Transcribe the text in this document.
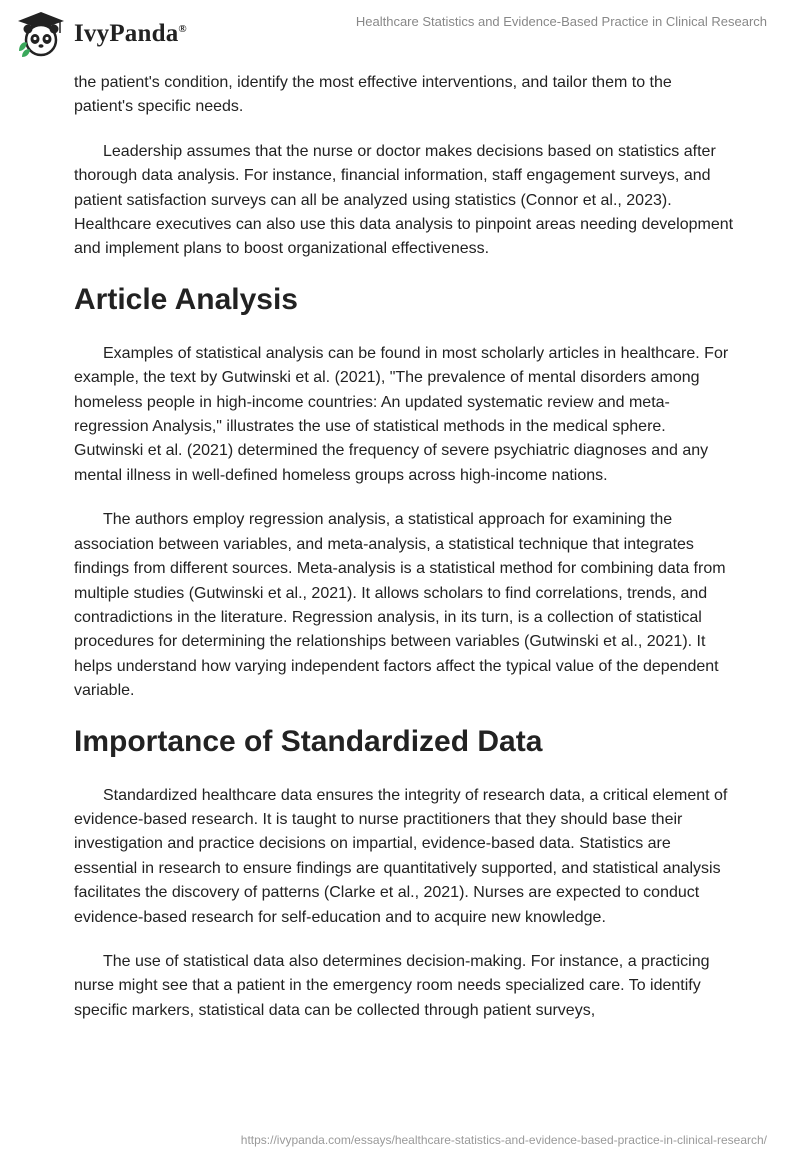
IvyPanda®	Healthcare Statistics and Evidence-Based Practice in Clinical Research

the patient's condition, identify the most effective interventions, and tailor them to the patient's specific needs.

Leadership assumes that the nurse or doctor makes decisions based on statistics after thorough data analysis. For instance, financial information, staff engagement surveys, and patient satisfaction surveys can all be analyzed using statistics (Connor et al., 2023). Healthcare executives can also use this data analysis to pinpoint areas needing development and implement plans to boost organizational effectiveness.

Article Analysis

Examples of statistical analysis can be found in most scholarly articles in healthcare. For example, the text by Gutwinski et al. (2021), "The prevalence of mental disorders among homeless people in high-income countries: An updated systematic review and meta-regression Analysis," illustrates the use of statistical methods in the medical sphere. Gutwinski et al. (2021) determined the frequency of severe psychiatric diagnoses and any mental illness in well-defined homeless groups across high-income nations.

The authors employ regression analysis, a statistical approach for examining the association between variables, and meta-analysis, a statistical technique that integrates findings from different sources. Meta-analysis is a statistical method for combining data from multiple studies (Gutwinski et al., 2021). It allows scholars to find correlations, trends, and contradictions in the literature. Regression analysis, in its turn, is a collection of statistical procedures for determining the relationships between variables (Gutwinski et al., 2021). It helps understand how varying independent factors affect the typical value of the dependent variable.

Importance of Standardized Data

Standardized healthcare data ensures the integrity of research data, a critical element of evidence-based research. It is taught to nurse practitioners that they should base their investigation and practice decisions on impartial, evidence-based data. Statistics are essential in research to ensure findings are quantitatively supported, and statistical analysis facilitates the discovery of patterns (Clarke et al., 2021). Nurses are expected to conduct evidence-based research for self-education and to acquire new knowledge.

The use of statistical data also determines decision-making. For instance, a practicing nurse might see that a patient in the emergency room needs specialized care. To identify specific markers, statistical data can be collected through patient surveys,

https://ivypanda.com/essays/healthcare-statistics-and-evidence-based-practice-in-clinical-research/
